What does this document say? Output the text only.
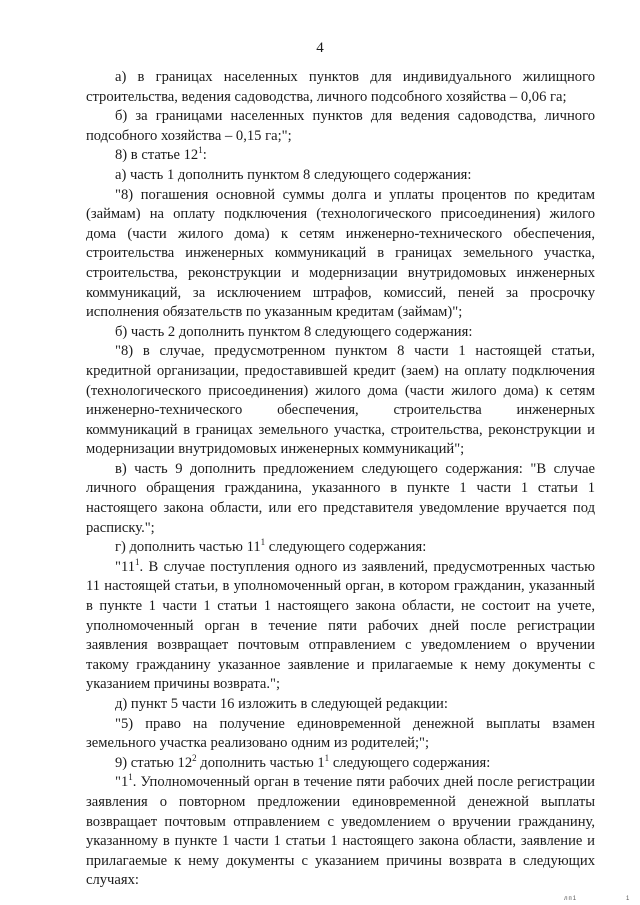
4

а) в границах населенных пунктов для индивидуального жилищного строительства, ведения садоводства, личного подсобного хозяйства – 0,06 га;

б) за границами населенных пунктов для ведения садоводства, личного подсобного хозяйства – 0,15 га;";

8) в статье $12^1$:

а) часть 1 дополнить пунктом 8 следующего содержания:

"8) погашения основной суммы долга и уплаты процентов по кредитам (займам) на оплату подключения (технологического присоединения) жилого дома (части жилого дома) к сетям инженерно-технического обеспечения, строительства инженерных коммуникаций в границах земельного участка, строительства, реконструкции и модернизации внутридомовых инженерных коммуникаций, за исключением штрафов, комиссий, пеней за просрочку исполнения обязательств по указанным кредитам (займам)";

б) часть 2 дополнить пунктом 8 следующего содержания:

"8) в случае, предусмотренном пунктом 8 части 1 настоящей статьи, кредитной организации, предоставившей кредит (заем) на оплату подключения (технологического присоединения) жилого дома (части жилого дома) к сетям инженерно-технического обеспечения, строительства инженерных коммуникаций в границах земельного участка, строительства, реконструкции и модернизации внутридомовых инженерных коммуникаций";

в) часть 9 дополнить предложением следующего содержания: "В случае личного обращения гражданина, указанного в пункте 1 части 1 статьи 1 настоящего закона области, или его представителя уведомление вручается под расписку.";

г) дополнить частью $11^1$ следующего содержания:

"$11^1$. В случае поступления одного из заявлений, предусмотренных частью 11 настоящей статьи, в уполномоченный орган, в котором гражданин, указанный в пункте 1 части 1 статьи 1 настоящего закона области, не состоит на учете, уполномоченный орган в течение пяти рабочих дней после регистрации заявления возвращает почтовым отправлением с уведомлением о вручении такому гражданину указанное заявление и прилагаемые к нему документы с указанием причины возврата.";

д) пункт 5 части 16 изложить в следующей редакции:

"5) право на получение единовременной денежной выплаты взамен земельного участка реализовано одним из родителей;";

9) статью $12^2$ дополнить частью $1^1$ следующего содержания:

"$1^1$. Уполномоченный орган в течение пяти рабочих дней после регистрации заявления о повторном предложении единовременной денежной выплаты возвращает почтовым отправлением с уведомлением о вручении гражданину, указанному в пункте 1 части 1 статьи 1 настоящего закона области, заявление и прилагаемые к нему документы с указанием причины возврата в следующих случаях:

лп1	1
